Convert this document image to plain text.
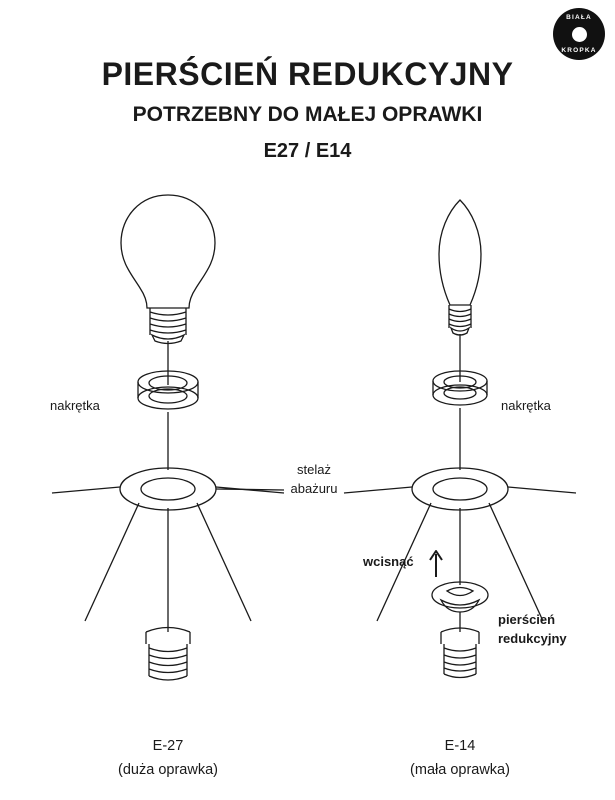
BIAŁA
KROPKA
PIERŚCIEŃ REDUKCYJNY
POTRZEBNY DO MAŁEJ OPRAWKI
E27 / E14
nakrętka	nakrętka
stelaż
abażuru
wcisnąć
pierścień
redukcyjny
E-27
(duża oprawka)
E-14
(mała oprawka)
